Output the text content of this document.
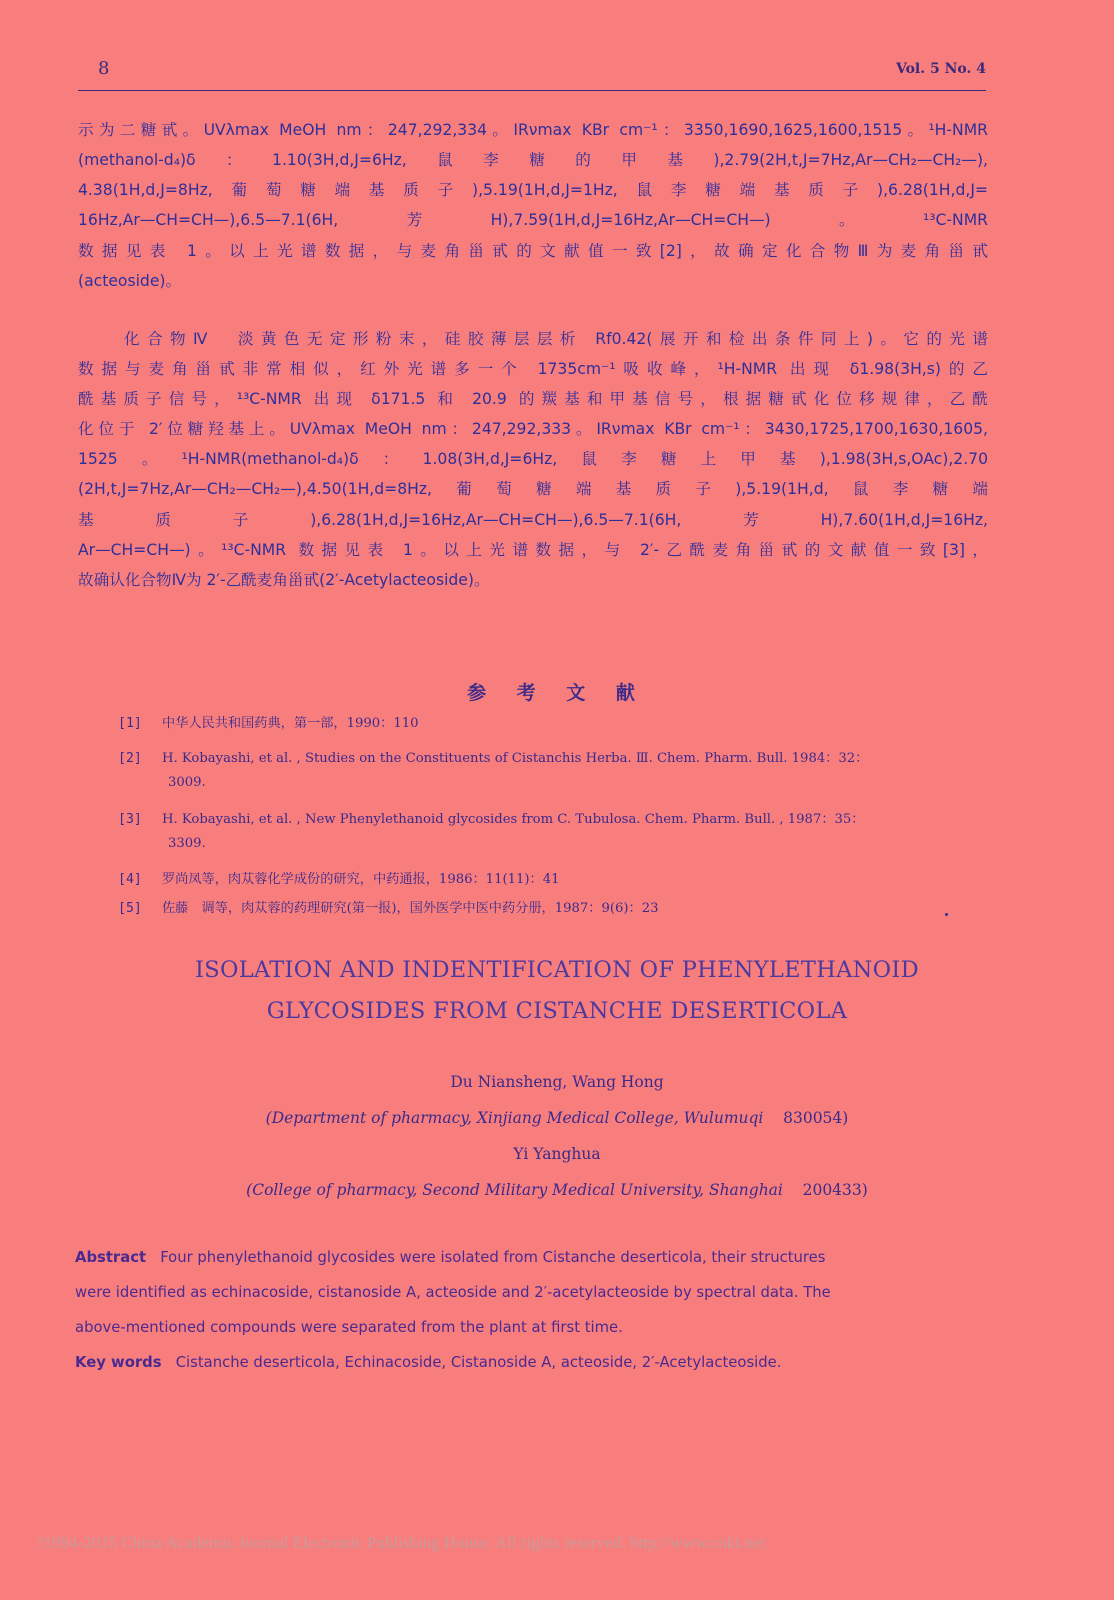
8	Vol. 5 No. 4
示为二糖甙。UVλmax MeOH nm：247,292,334。IRνmax KBr cm⁻¹：3350,1690,1625,1600,1515。¹H-NMR
(methanol-d₄)δ：1.10(3H,d,J=6Hz,鼠李糖的甲基),2.79(2H,t,J=7Hz,Ar—CH₂—CH₂—),
4.38(1H,d,J=8Hz,葡萄糖端基质子),5.19(1H,d,J=1Hz,鼠李糖端基质子),6.28(1H,d,J=
16Hz,Ar—CH=CH—),6.5—7.1(6H,芳H),7.59(1H,d,J=16Hz,Ar—CH=CH—)。¹³C-NMR
数据见表 1。以上光谱数据，与麦角甾甙的文献值一致[2]，故确定化合物Ⅲ为麦角甾甙
(acteoside)。
　　化合物Ⅳ　淡黄色无定形粉末，硅胶薄层层析 Rf0.42(展开和检出条件同上)。它的光谱
数据与麦角甾甙非常相似，红外光谱多一个 1735cm⁻¹吸收峰，¹H-NMR 出现 δ1.98(3H,s)的乙
酰基质子信号，¹³C-NMR 出现 δ171.5 和 20.9 的羰基和甲基信号，根据糖甙化位移规律，乙酰
化位于 2′位糖羟基上。UVλmax MeOH nm：247,292,333。IRνmax KBr cm⁻¹：3430,1725,1700,1630,1605,
1525。¹H-NMR(methanol-d₄)δ：1.08(3H,d,J=6Hz,鼠李糖上甲基),1.98(3H,s,OAc),2.70
(2H,t,J=7Hz,Ar—CH₂—CH₂—),4.50(1H,d=8Hz,葡萄糖端基质子),5.19(1H,d,鼠李糖端
基质子),6.28(1H,d,J=16Hz,Ar—CH=CH—),6.5—7.1(6H,芳H),7.60(1H,d,J=16Hz,
Ar—CH=CH—)。¹³C-NMR 数据见表 1。以上光谱数据，与 2′-乙酰麦角甾甙的文献值一致[3]，
故确认化合物Ⅳ为 2′-乙酰麦角甾甙(2′-Acetylacteoside)。
参 考 文 献
[1] 中华人民共和国药典，第一部，1990：110
[2] H. Kobayashi, et al. , Studies on the Constituents of Cistanchis Herba. Ⅲ. Chem. Pharm. Bull. 1984：32：
3009.
[3] H. Kobayashi, et al. , New Phenylethanoid glycosides from C. Tubulosa. Chem. Pharm. Bull. , 1987：35：
3309.
[4] 罗尚凤等，肉苁蓉化学成份的研究，中药通报，1986：11(11)：41
[5] 佐藤　调等，肉苁蓉的药理研究(第一报)，国外医学中医中药分册，1987：9(6)：23
ISOLATION AND INDENTIFICATION OF PHENYLETHANOID
GLYCOSIDES FROM CISTANCHE DESERTICOLA
Du Niansheng, Wang Hong
(Department of pharmacy, Xinjiang Medical College, Wulumuqi 830054)
Yi Yanghua
(College of pharmacy, Second Military Medical University, Shanghai 200433)
Abstract Four phenylethanoid glycosides were isolated from Cistanche deserticola, their structures
were identified as echinacoside, cistanoside A, acteoside and 2′-acetylacteoside by spectral data. The
above-mentioned compounds were separated from the plant at first time.
Key words Cistanche deserticola, Echinacoside, Cistanoside A, acteoside, 2′-Acetylacteoside.
?1994-2015 China Academic Journal Electronic Publishing House. All rights reserved. http://www.cnki.net
